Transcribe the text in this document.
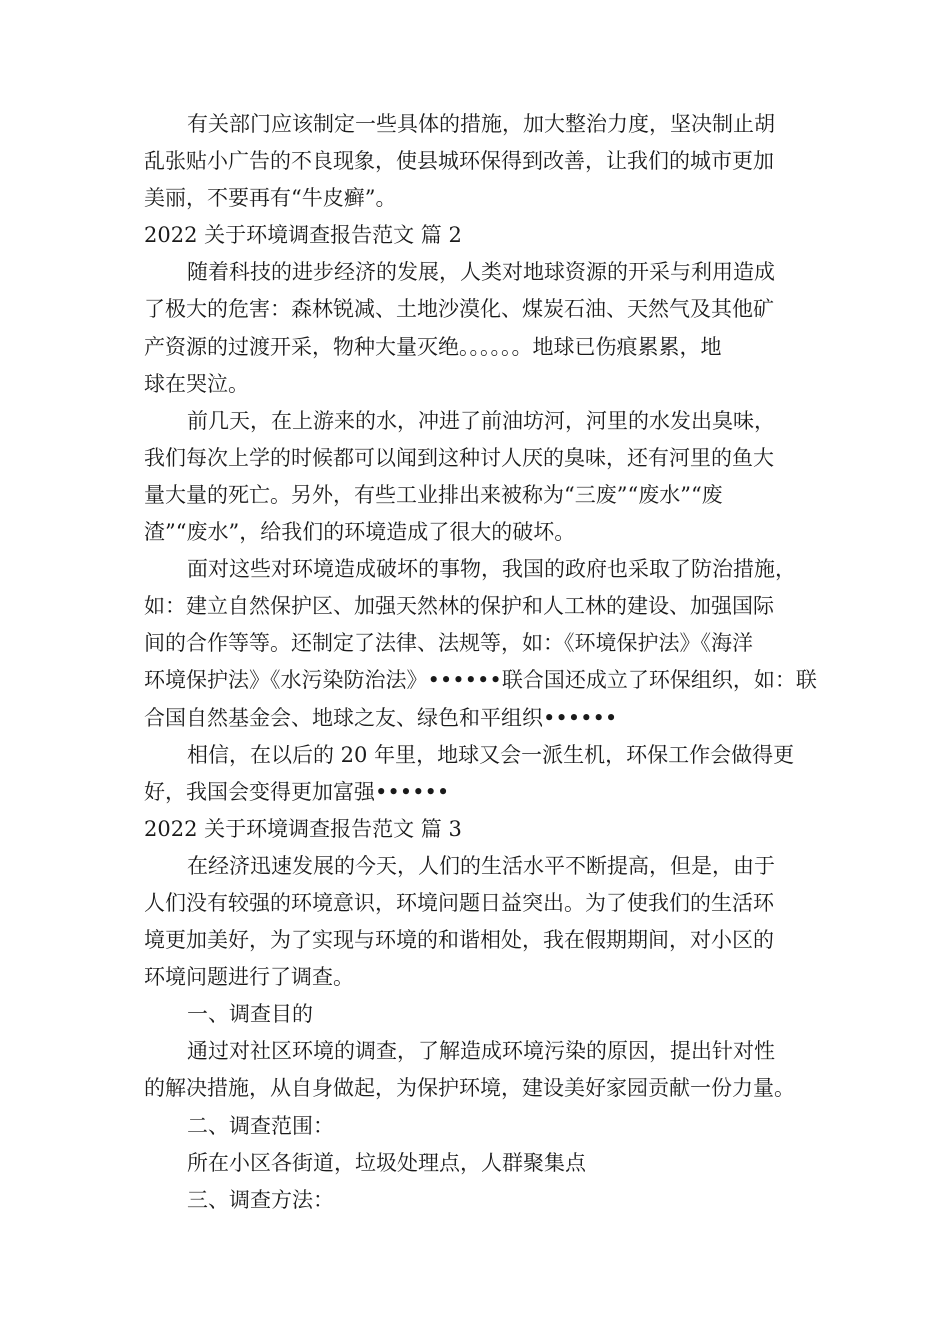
有关部门应该制定一些具体的措施，加大整治力度，坚决制止胡
乱张贴小广告的不良现象，使县城环保得到改善，让我们的城市更加
美丽，不要再有“牛皮癣”。
2022 关于环境调查报告范文 篇 2
随着科技的进步经济的发展，人类对地球资源的开采与利用造成
了极大的危害：森林锐减、土地沙漠化、煤炭石油、天然气及其他矿
产资源的过渡开采，物种大量灭绝。。。。。。地球已伤痕累累，地
球在哭泣。
前几天，在上游来的水，冲进了前油坊河，河里的水发出臭味，
我们每次上学的时候都可以闻到这种讨人厌的臭味，还有河里的鱼大
量大量的死亡。另外，有些工业排出来被称为“三废”“废水”“废
渣”“废水”，给我们的环境造成了很大的破坏。
面对这些对环境造成破坏的事物，我国的政府也采取了防治措施，
如：建立自然保护区、加强天然林的保护和人工林的建设、加强国际
间的合作等等。还制定了法律、法规等，如：《环境保护法》《海洋
环境保护法》《水污染防治法》••••••联合国还成立了环保组织，如：联
合国自然基金会、地球之友、绿色和平组织••••••
相信，在以后的 20 年里，地球又会一派生机，环保工作会做得更
好，我国会变得更加富强••••••
2022 关于环境调查报告范文 篇 3
在经济迅速发展的今天，人们的生活水平不断提高，但是，由于
人们没有较强的环境意识，环境问题日益突出。为了使我们的生活环
境更加美好，为了实现与环境的和谐相处，我在假期期间，对小区的
环境问题进行了调查。
一、调查目的
通过对社区环境的调查，了解造成环境污染的原因，提出针对性
的解决措施，从自身做起，为保护环境，建设美好家园贡献一份力量。
二、调查范围：
所在小区各街道，垃圾处理点，人群聚集点
三、调查方法：
